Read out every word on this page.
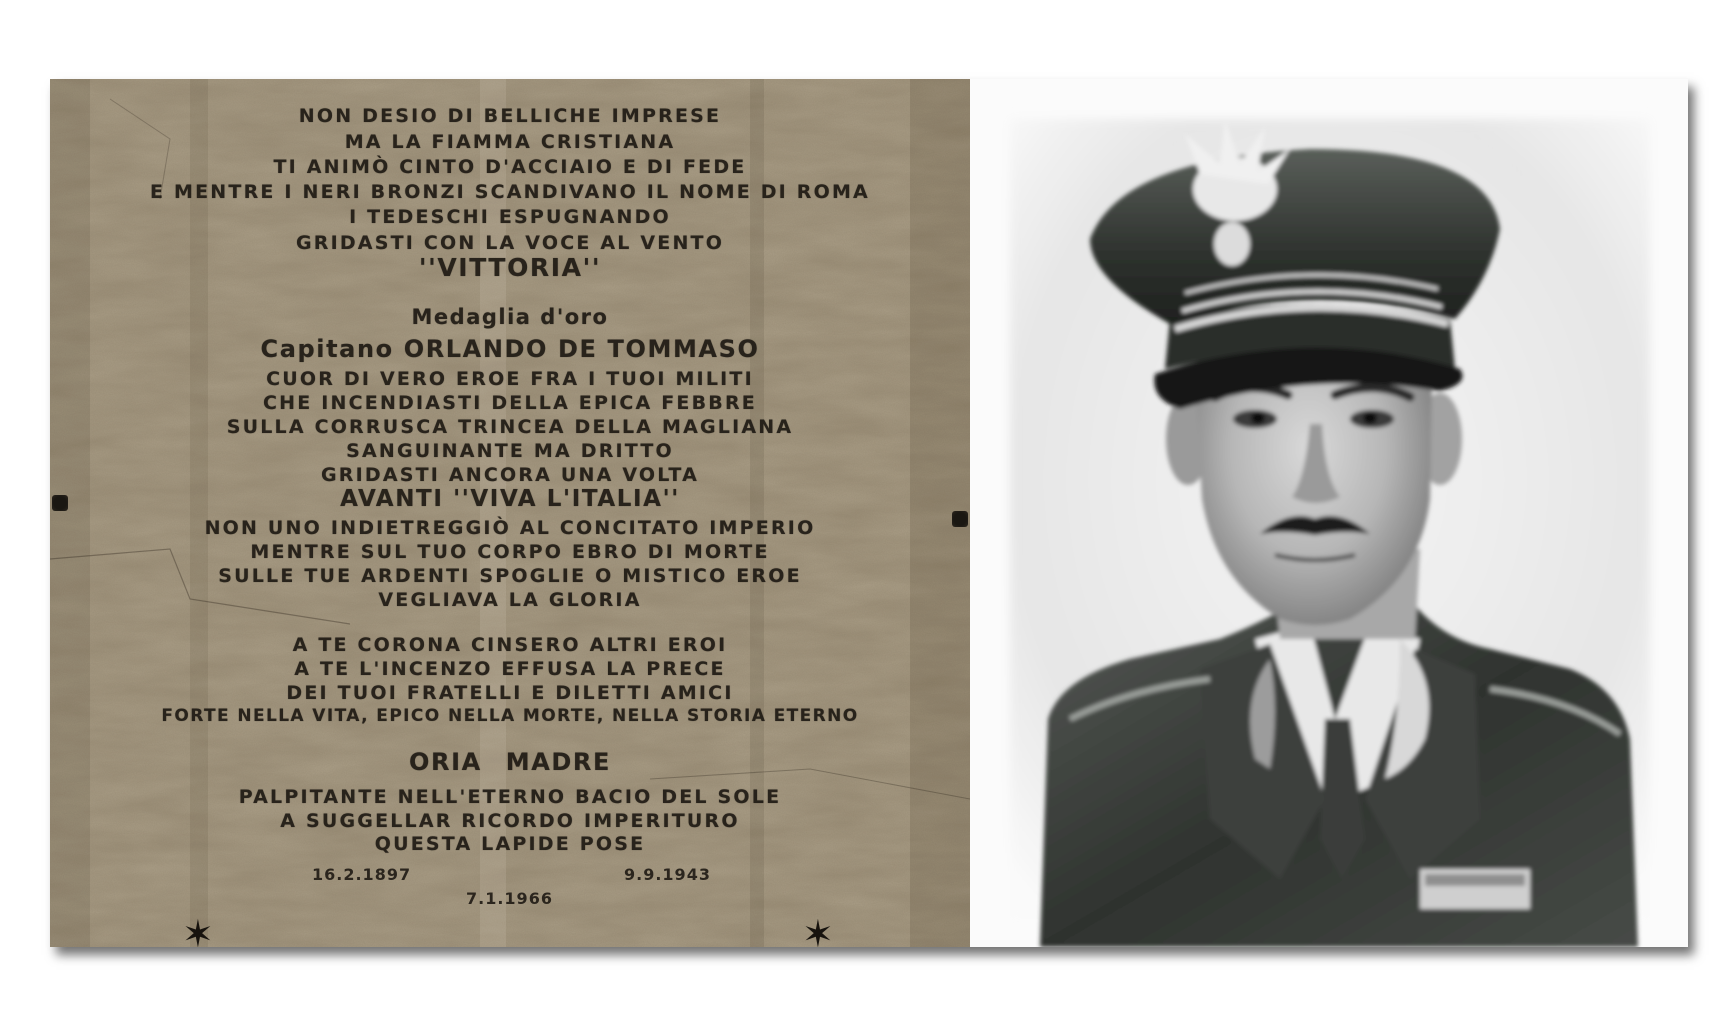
NON DESIO DI BELLICHE IMPRESE
MA LA FIAMMA CRISTIANA
TI ANIMÒ CINTO D'ACCIAIO E DI FEDE
E MENTRE I NERI BRONZI SCANDIVANO IL NOME DI ROMA
I TEDESCHI ESPUGNANDO
GRIDASTI CON LA VOCE AL VENTO
''VITTORIA''
Medaglia d'oro
Capitano ORLANDO DE TOMMASO
CUOR DI VERO EROE FRA I TUOI MILITI
CHE INCENDIASTI DELLA EPICA FEBBRE
SULLA CORRUSCA TRINCEA DELLA MAGLIANA
SANGUINANTE MA DRITTO
GRIDASTI ANCORA UNA VOLTA
AVANTI ''VIVA L'ITALIA''
NON UNO INDIETREGGIÒ AL CONCITATO IMPERIO
MENTRE SUL TUO CORPO EBRO DI MORTE
SULLE TUE ARDENTI SPOGLIE O MISTICO EROE
VEGLIAVA LA GLORIA
A TE CORONA CINSERO ALTRI EROI
A TE L'INCENZO EFFUSA LA PRECE
DEI TUOI FRATELLI E DILETTI AMICI
FORTE NELLA VITA, EPICO NELLA MORTE, NELLA STORIA ETERNO
ORIA MADRE
PALPITANTE NELL'ETERNO BACIO DEL SOLE
A SUGGELLAR RICORDO IMPERITURO
QUESTA LAPIDE POSE
16.2.1897	9.9.1943
7.1.1966
✶	✶
